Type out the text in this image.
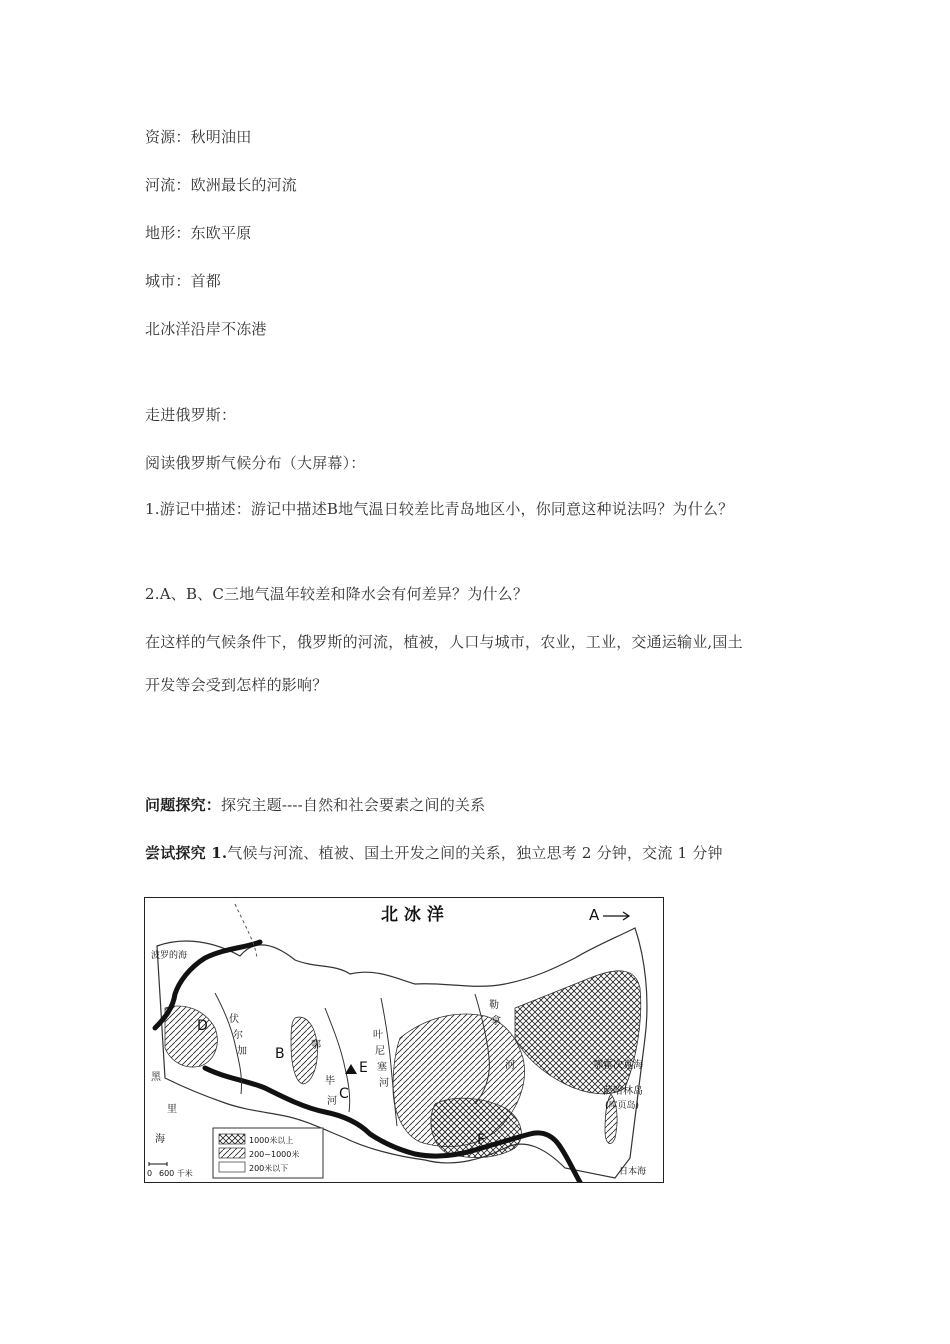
资源：秋明油田
河流：欧洲最长的河流
地形：东欧平原
城市：首都
北冰洋沿岸不冻港
走进俄罗斯：
阅读俄罗斯气候分布（大屏幕）：
1.游记中描述：游记中描述B地气温日较差比青岛地区小，你同意这种说法吗？为什么？
2.A、B、C三地气温年较差和降水会有何差异？为什么？
在这样的气候条件下，俄罗斯的河流，植被，人口与城市，农业，工业，交通运输业,国土
开发等会受到怎样的影响？
问题探究：探究主题----自然和社会要素之间的关系
尝试探究 1.气候与河流、植被、国土开发之间的关系，独立思考 2 分钟，交流 1 分钟
北 冰 洋	A
B
C
D
E
F
伏
尔
加
鄂
毕
河
叶
尼
塞
河
勒
拿
河	鄂霍次克海
萨哈林岛
(库页岛)
日本海
里
海
黑
波罗的海
1000米以上
200~1000米
200米以下
0 600 千米
